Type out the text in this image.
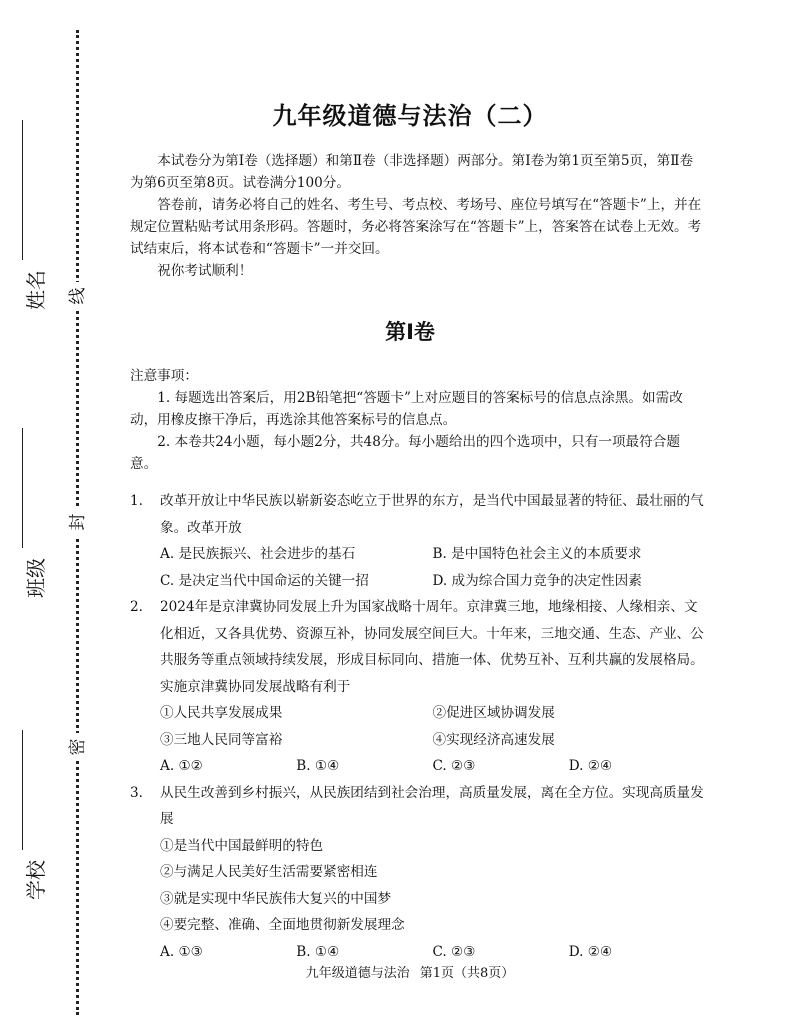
线
封
密
姓名
班级
学校
九年级道德与法治（二）

本试卷分为第Ⅰ卷（选择题）和第Ⅱ卷（非选择题）两部分。第Ⅰ卷为第1页至第5页，第Ⅱ卷为第6页至第8页。试卷满分100分。

答卷前，请务必将自己的姓名、考生号、考点校、考场号、座位号填写在“答题卡”上，并在规定位置粘贴考试用条形码。答题时，务必将答案涂写在“答题卡”上，答案答在试卷上无效。考试结束后，将本试卷和“答题卡”一并交回。

祝你考试顺利！

第Ⅰ卷

注意事项：

1. 每题选出答案后，用2B铅笔把“答题卡”上对应题目的答案标号的信息点涂黑。如需改动，用橡皮擦干净后，再选涂其他答案标号的信息点。

2. 本卷共24小题，每小题2分，共48分。每小题给出的四个选项中，只有一项最符合题意。

1. 改革开放让中华民族以崭新姿态屹立于世界的东方，是当代中国最显著的特征、最壮丽的气象。改革开放
A. 是民族振兴、社会进步的基石	B. 是中国特色社会主义的本质要求
C. 是决定当代中国命运的关键一招	D. 成为综合国力竞争的决定性因素
2. 2024年是京津冀协同发展上升为国家战略十周年。京津冀三地，地缘相接、人缘相亲、文化相近，又各具优势、资源互补，协同发展空间巨大。十年来，三地交通、生态、产业、公共服务等重点领域持续发展，形成目标同向、措施一体、优势互补、互利共赢的发展格局。实施京津冀协同发展战略有利于
①人民共享发展成果	②促进区域协调发展
③三地人民同等富裕	④实现经济高速发展
A. ①②	B. ①④	C. ②③	D. ②④
3. 从民生改善到乡村振兴，从民族团结到社会治理，高质量发展，离在全方位。实现高质量发展
①是当代中国最鲜明的特色
②与满足人民美好生活需要紧密相连
③就是实现中华民族伟大复兴的中国梦
④要完整、准确、全面地贯彻新发展理念
A. ①③	B. ①④	C. ②③	D. ②④
九年级道德与法治 第1页（共8页）
